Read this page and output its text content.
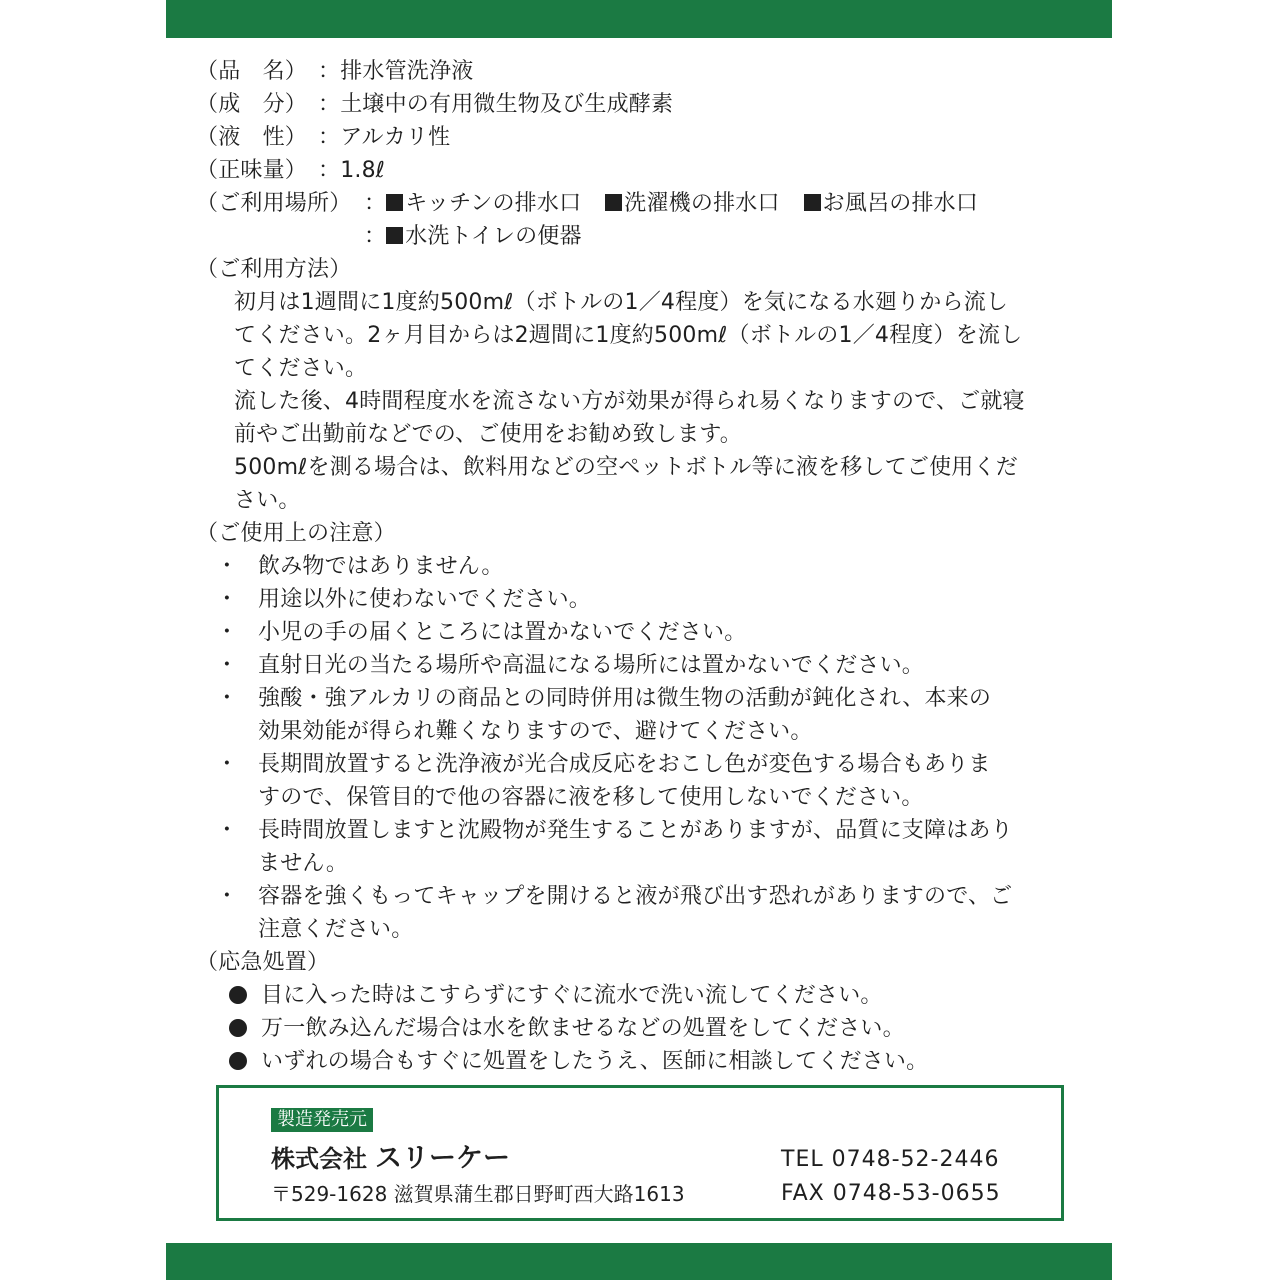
（品　名） ：排水管洗浄液
（成　分） ：土壌中の有用微生物及び生成酵素
（液　性） ：アルカリ性
（正味量） ：1.8ℓ
（ご利用場所） ： キッチンの排水口 洗濯機の排水口 お風呂の排水口
： 水洗トイレの便器
（ご利用方法）
初月は1週間に1度約500mℓ（ボトルの1／4程度）を気になる水廻りから流し
てください。2ヶ月目からは2週間に1度約500mℓ（ボトルの1／4程度）を流し
てください。
流した後、4時間程度水を流さない方が効果が得られ易くなりますので、ご就寝
前やご出勤前などでの、ご使用をお勧め致します。
500mℓを測る場合は、飲料用などの空ペットボトル等に液を移してご使用くだ
さい。
（ご使用上の注意）
・ 飲み物ではありません。
・ 用途以外に使わないでください。
・ 小児の手の届くところには置かないでください。
・ 直射日光の当たる場所や高温になる場所には置かないでください。
・ 強酸・強アルカリの商品との同時併用は微生物の活動が鈍化され、本来の
効果効能が得られ難くなりますので、避けてください。
・ 長期間放置すると洗浄液が光合成反応をおこし色が変色する場合もありま
すので、保管目的で他の容器に液を移して使用しないでください。
・ 長時間放置しますと沈殿物が発生することがありますが、品質に支障はあり
ません。
・ 容器を強くもってキャップを開けると液が飛び出す恐れがありますので、ご
注意ください。
（応急処置）
目に入った時はこすらずにすぐに流水で洗い流してください。
万一飲み込んだ場合は水を飲ませるなどの処置をしてください。
いずれの場合もすぐに処置をしたうえ、医師に相談してください。
製造発売元
株式会社 スリーケー
〒529-1628 滋賀県蒲生郡日野町西大路1613
TEL 0748-52-2446
FAX 0748-53-0655
